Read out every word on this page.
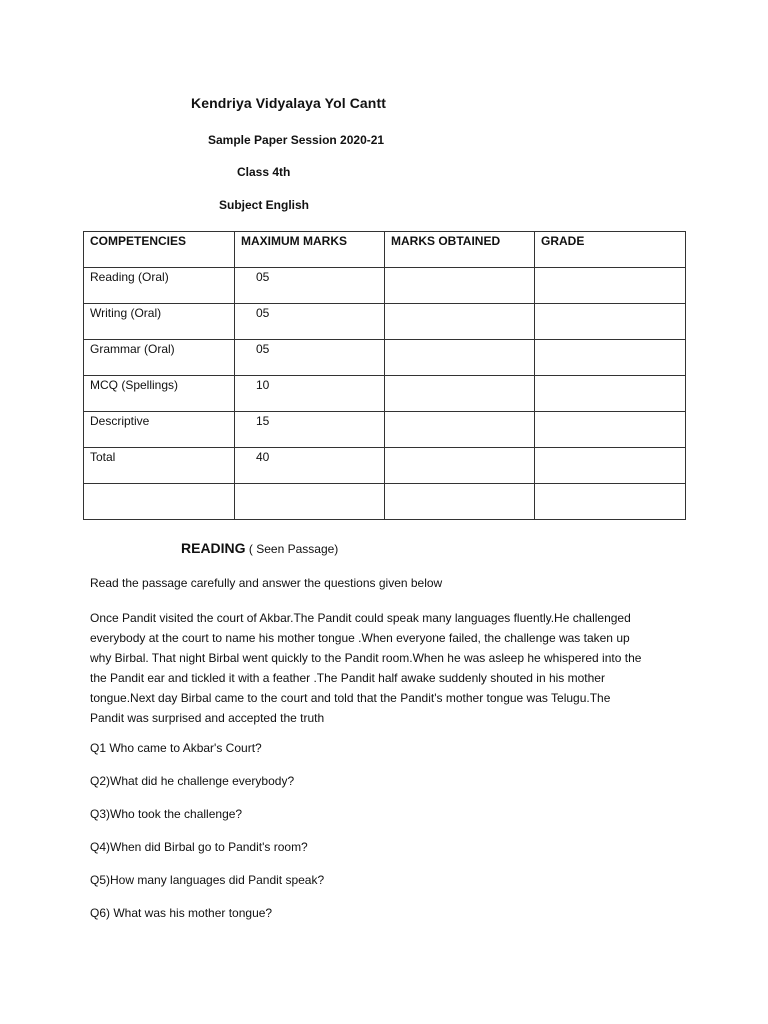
Kendriya Vidyalaya Yol Cantt
Sample Paper Session 2020-21
Class 4th
Subject English
COMPETENCIES	MAXIMUM MARKS	MARKS OBTAINED	GRADE
Reading (Oral)	05		
Writing (Oral)	05		
Grammar (Oral)	05		
MCQ (Spellings)	10		
Descriptive	15		
Total	40		

READING ( Seen Passage)
Read the passage carefully and answer the questions given below
Once Pandit visited the court of Akbar.The Pandit could speak many languages fluently.He challenged
everybody at the court to name his mother tongue .When everyone failed, the challenge was taken up
why Birbal. That night Birbal went quickly to the Pandit room.When he was asleep he whispered into the
the Pandit ear and tickled it with a feather .The Pandit half awake suddenly shouted in his mother
tongue.Next day Birbal came to the court and told that the Pandit's mother tongue was Telugu.The
Pandit was surprised and accepted the truth
Q1 Who came to Akbar's Court?
Q2)What did he challenge everybody?
Q3)Who took the challenge?
Q4)When did Birbal go to Pandit's room?
Q5)How many languages did Pandit speak?
Q6) What was his mother tongue?
